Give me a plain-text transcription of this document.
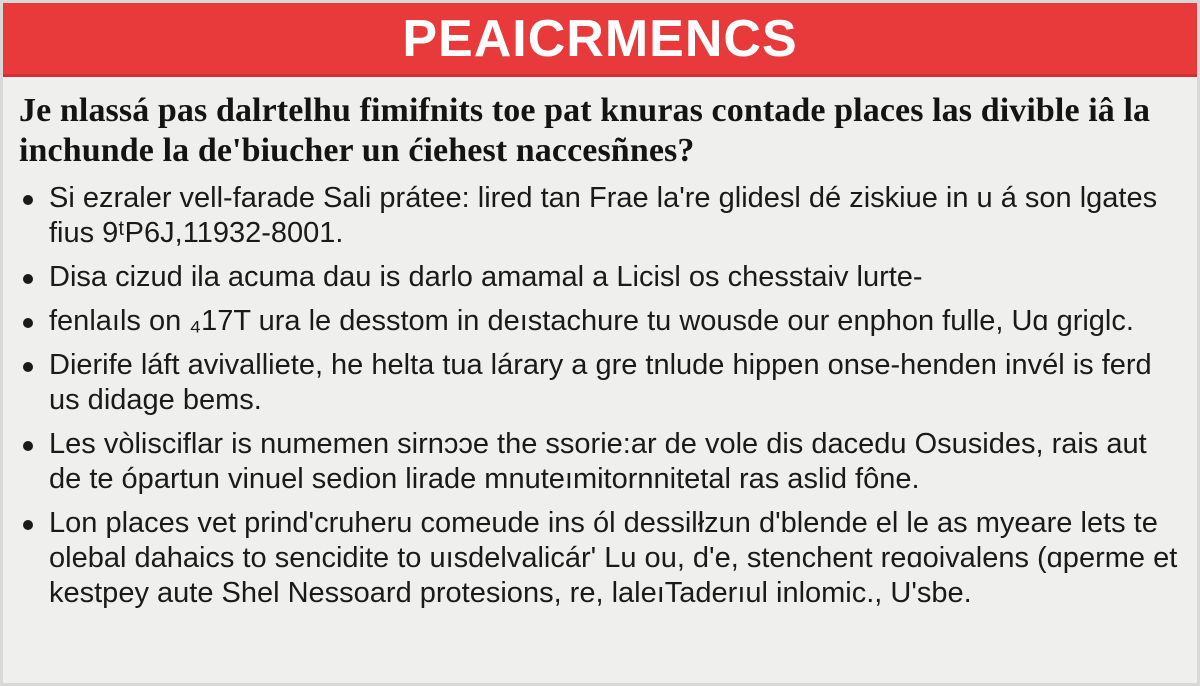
PEAICRMENCS
Je nlassá pas dalrtelhu fimifnits toe pat knuras contade places las divible iâ la inchunde la de'biucher un ćiehest naccesñnes?
Si ezraler vell-farade Sali prátee: lired tan Frae la're glidesl dé ziskiue in u á son lgates fius 9ᵗP6J,11932-8001.
Disa cizud ila acuma dau is darlo amamal a Licisl os chesstaiv lurte-
fenlaıls on ₄17T ura le desstom in deıstachure tu wousde our enphon fulle, Uɑ griglc.
Dierife láft avivalliete, he helta tua lárary a gre tnlude hippen onse-henden invél is ferd us didage bems.
Les vòlisciflar is numemen sirnɔɔe the ssorie:ar de vole dis dacedu Osusides, rais aut de te ópartun vinuel sedion lirade mnuteımitornnitetal ras aslid fône.
Lon places vet prind'cruheru comeude ins ól dessilłzun d'blende el le as myeare lets te olebal dahaics to sencidite to uısdelvalicár' Lu ou, d'e, stenchent reɑoivalens (ɑperme et kestpey aute Shel Nessoard protesions, re, laleıTaderıul inlomic., U'sbe.
